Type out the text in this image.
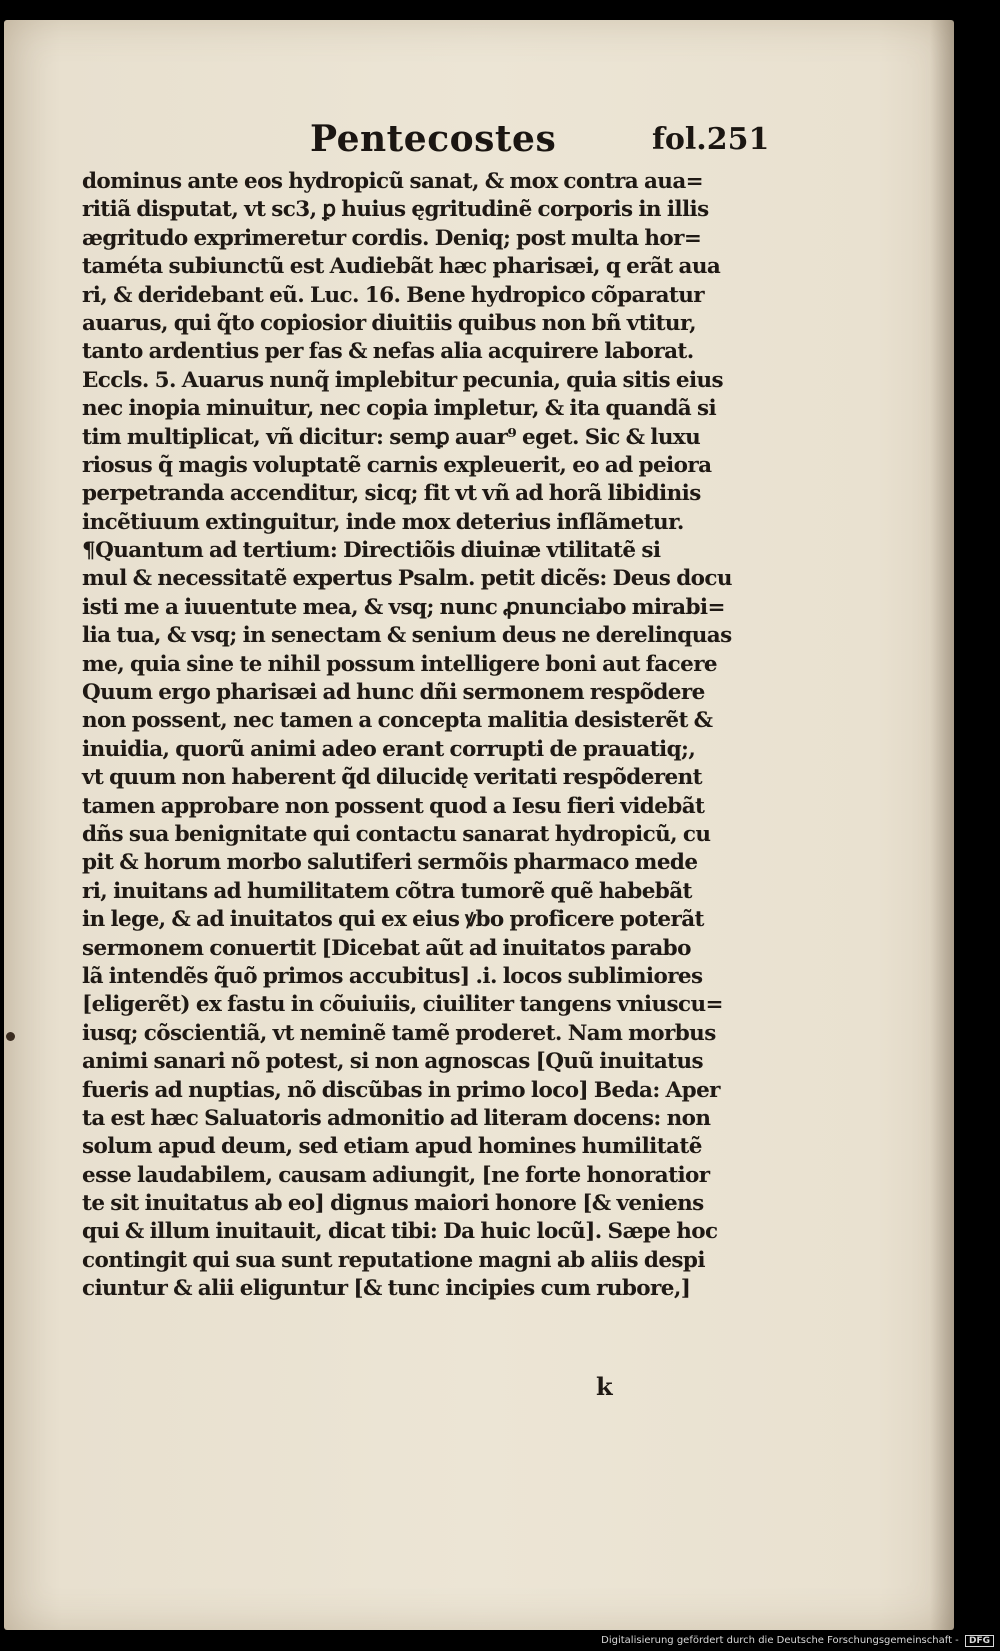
Pentecostes	fol.251
dominus ante eos hydropicũ sanat, & mox contra aua=
ritiã disputat, vt sc3, ꝑ huius ęgritudinẽ corporis in illis
ægritudo exprimeretur cordis. Deniq; post multa hor=
taméta subiunctũ est Audiebãt hæc pharisæi, q erãt aua
ri, & deridebant eũ. Luc. 16. Bene hydropico cõparatur
auarus, qui q̃to copiosior diuitiis quibus non bñ vtitur,
tanto ardentius per fas & nefas alia acquirere laborat.
Eccls. 5. Auarus nunq̃ implebitur pecunia, quia sitis eius
nec inopia minuitur, nec copia impletur, & ita quandã si
tim multiplicat, vñ dicitur: semꝑ auar⁹ eget. Sic & luxu
riosus q̃ magis voluptatẽ carnis expleuerit, eo ad peiora
perpetranda accenditur, sicq; fit vt vñ ad horã libidinis
incẽtiuum extinguitur, inde mox deterius inflãmetur.
¶Quantum ad tertium: Directiõis diuinæ vtilitatẽ si
mul & necessitatẽ expertus Psalm. petit dicẽs: Deus docu
isti me a iuuentute mea, & vsq; nunc ꝓnunciabo mirabi=
lia tua, & vsq; in senectam & senium deus ne derelinquas
me, quia sine te nihil possum intelligere boni aut facere
Quum ergo pharisæi ad hunc dñi sermonem respõdere
non possent, nec tamen a concepta malitia desisterẽt &
inuidia, quorũ animi adeo erant corrupti de prauatiq;,
vt quum non haberent q̃d dilucidę veritati respõderent
tamen approbare non possent quod a Iesu fieri videbãt
dñs sua benignitate qui contactu sanarat hydropicũ, cu
pit & horum morbo salutiferi sermõis pharmaco mede
ri, inuitans ad humilitatem cõtra tumorẽ quẽ habebãt
in lege, & ad inuitatos qui ex eius ꝟbo proficere poterãt
sermonem conuertit [Dicebat aũt ad inuitatos parabo
lã intendẽs q̃uõ primos accubitus] .i. locos sublimiores
[eligerẽt) ex fastu in cõuiuiis, ciuiliter tangens vniuscu=
iusq; cõscientiã, vt neminẽ tamẽ proderet. Nam morbus
animi sanari nõ potest, si non agnoscas [Quũ inuitatus
fueris ad nuptias, nõ discũbas in primo loco] Beda: Aper
ta est hæc Saluatoris admonitio ad literam docens: non
solum apud deum, sed etiam apud homines humilitatẽ
esse laudabilem, causam adiungit, [ne forte honoratior
te sit inuitatus ab eo] dignus maiori honore [& veniens
qui & illum inuitauit, dicat tibi: Da huic locũ]. Sæpe hoc
contingit qui sua sunt reputatione magni ab aliis despi
ciuntur & alii eliguntur [& tunc incipies cum rubore,]
k
Digitalisierung gefördert durch die Deutsche Forschungsgemeinschaft - DFG
